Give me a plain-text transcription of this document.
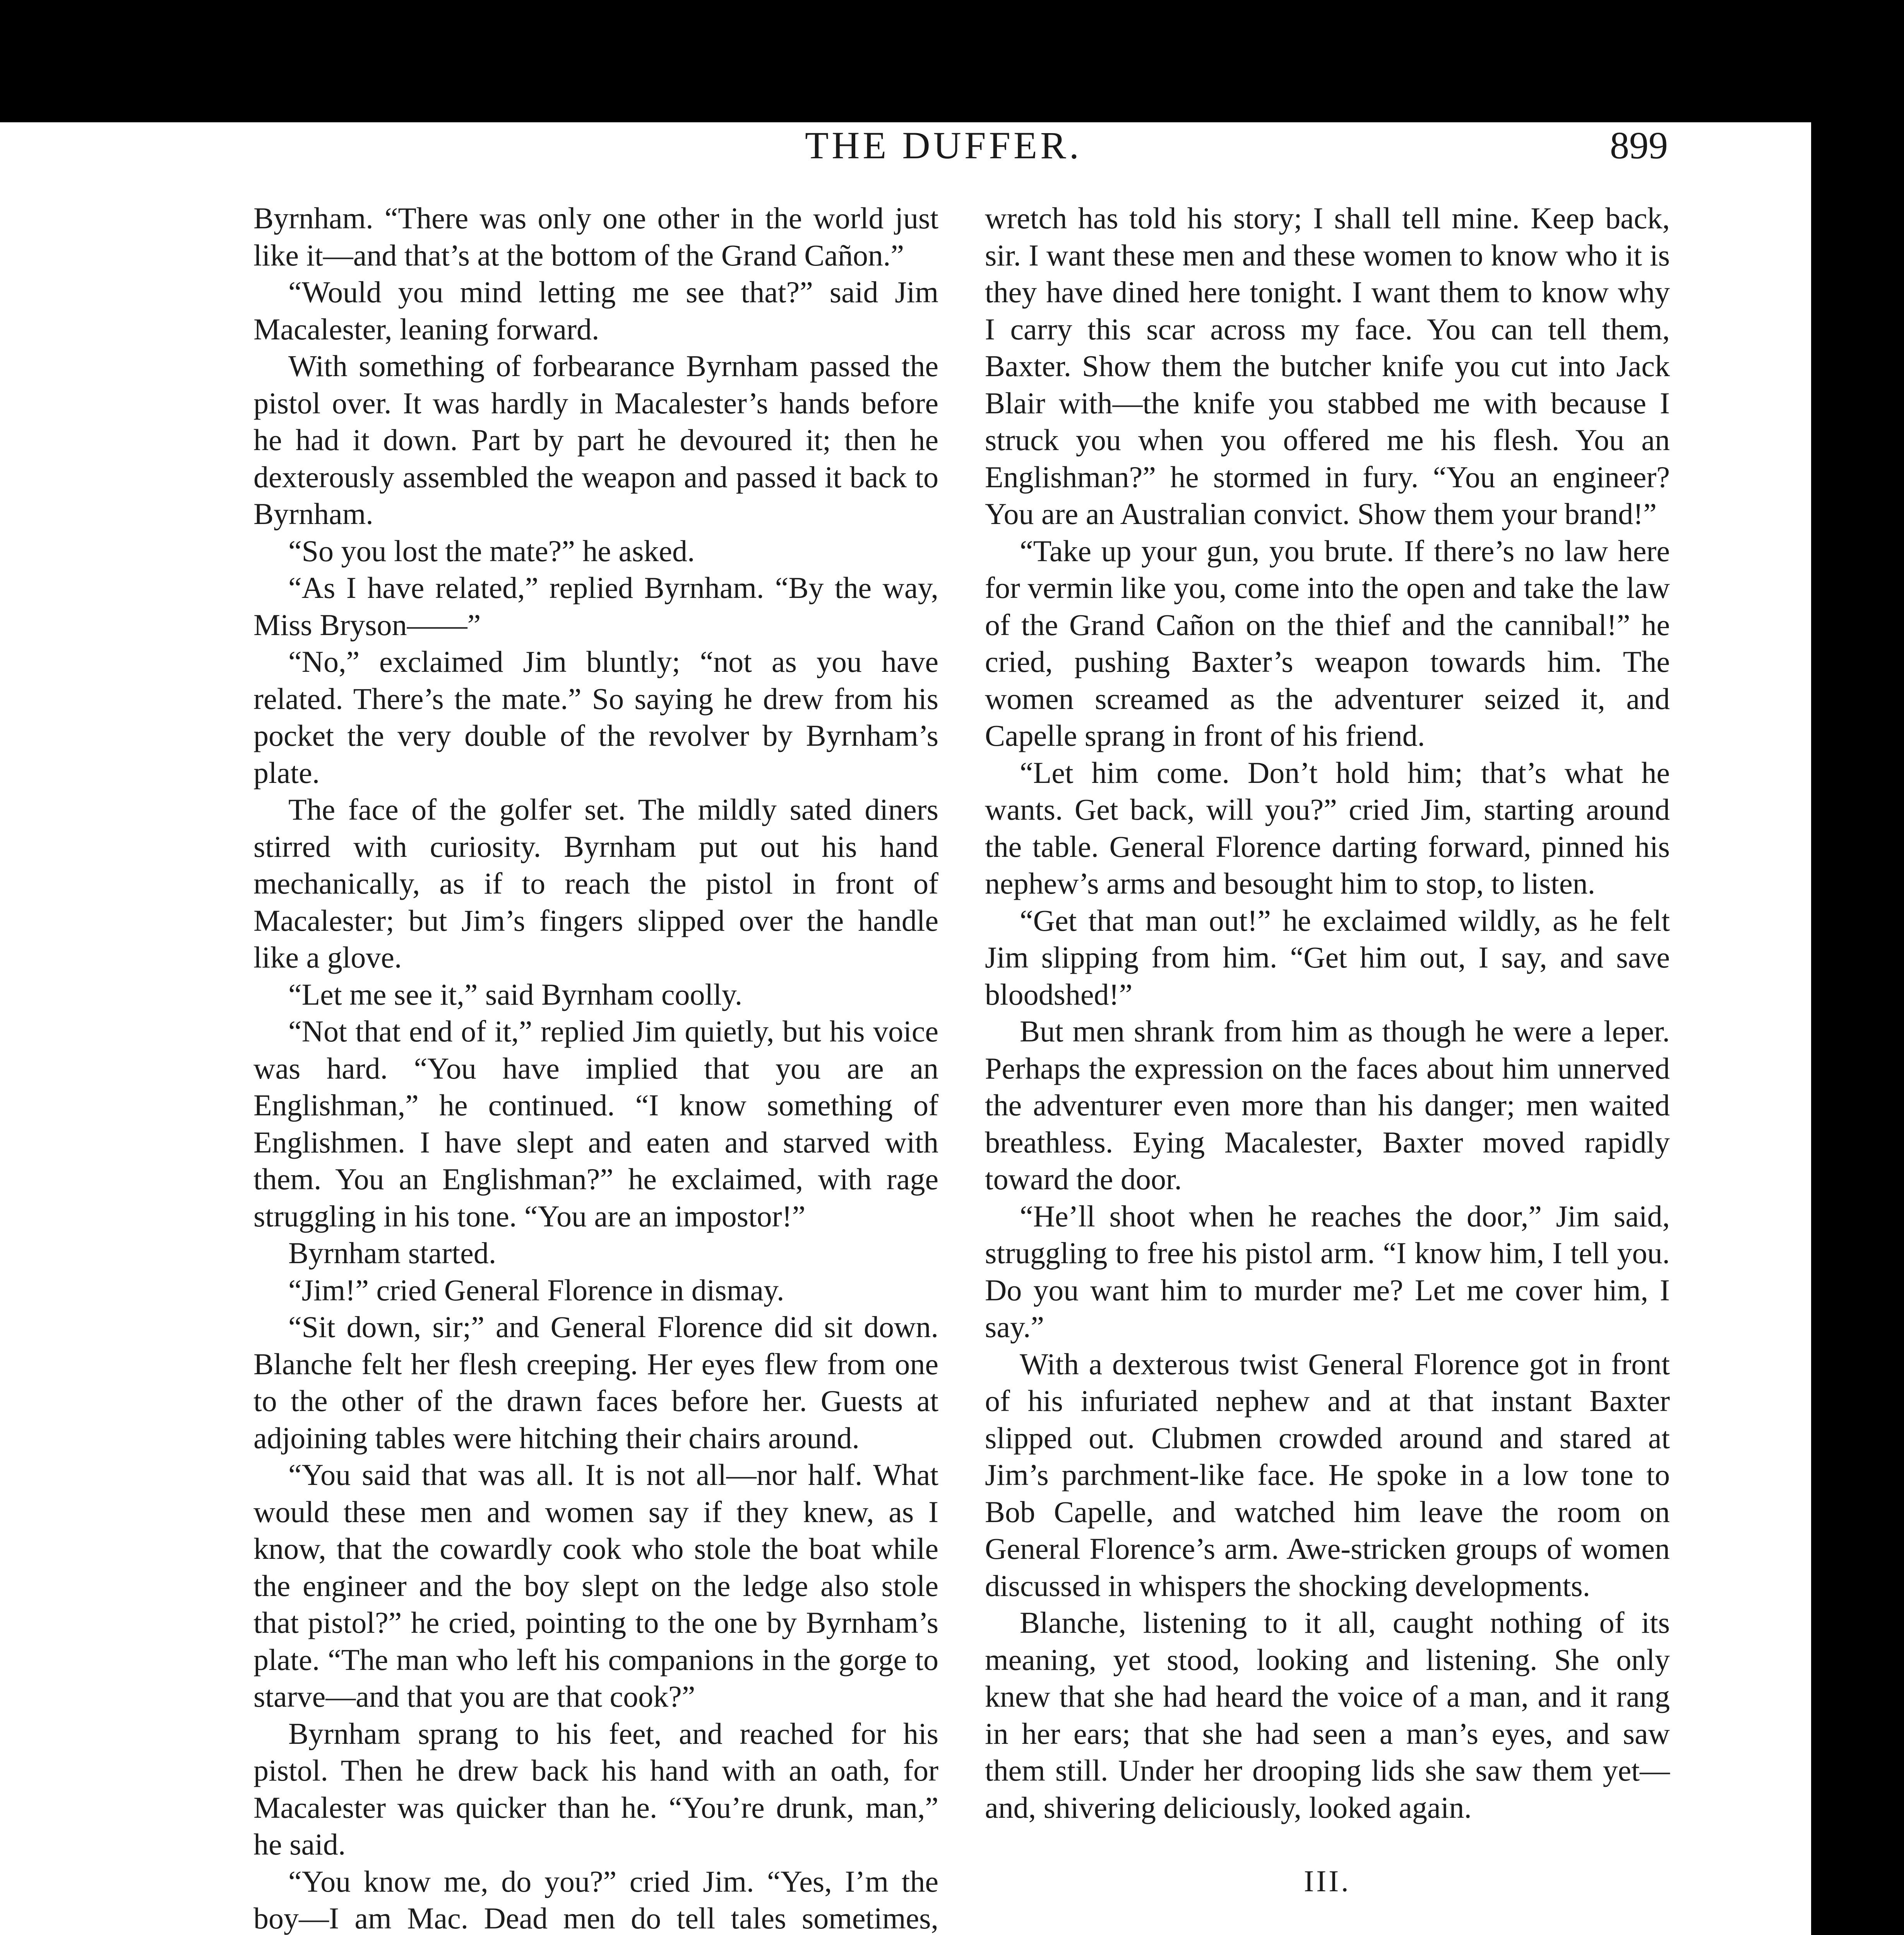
THE DUFFER.	899

Byrnham. “There was only one other in the world just like it—and that’s at the bottom of the Grand Cañon.”

“Would you mind letting me see that?” said Jim Macalester, leaning forward.

With something of forbearance Byrnham passed the pistol over. It was hardly in Macalester’s hands before he had it down. Part by part he devoured it; then he dexterously assembled the weapon and passed it back to Byrnham.

“So you lost the mate?” he asked.

“As I have related,” replied Byrnham. “By the way, Miss Bryson——”

“No,” exclaimed Jim bluntly; “not as you have related. There’s the mate.” So saying he drew from his pocket the very double of the revolver by Byrnham’s plate.

The face of the golfer set. The mildly sated diners stirred with curiosity. Byrnham put out his hand mechanically, as if to reach the pistol in front of Macalester; but Jim’s fingers slipped over the handle like a glove.

“Let me see it,” said Byrnham coolly.

“Not that end of it,” replied Jim quietly, but his voice was hard. “You have implied that you are an Englishman,” he continued. “I know something of Englishmen. I have slept and eaten and starved with them. You an Englishman?” he exclaimed, with rage struggling in his tone. “You are an impostor!”

Byrnham started.

“Jim!” cried General Florence in dismay.

“Sit down, sir;” and General Florence did sit down. Blanche felt her flesh creeping. Her eyes flew from one to the other of the drawn faces before her. Guests at adjoining tables were hitching their chairs around.

“You said that was all. It is not all—nor half. What would these men and women say if they knew, as I know, that the cowardly cook who stole the boat while the engineer and the boy slept on the ledge also stole that pistol?” he cried, pointing to the one by Byrnham’s plate. “The man who left his companions in the gorge to starve—and that you are that cook?”

Byrnham sprang to his feet, and reached for his pistol. Then he drew back his hand with an oath, for Macalester was quicker than he. “You’re drunk, man,” he said.

“You know me, do you?” cried Jim. “Yes, I’m the boy—I am Mac. Dead men do tell tales sometimes,

wretch has told his story; I shall tell mine. Keep back, sir. I want these men and these women to know who it is they have dined here tonight. I want them to know why I carry this scar across my face. You can tell them, Baxter. Show them the butcher knife you cut into Jack Blair with—the knife you stabbed me with because I struck you when you offered me his flesh. You an Englishman?” he stormed in fury. “You an engineer? You are an Australian convict. Show them your brand!”

“Take up your gun, you brute. If there’s no law here for vermin like you, come into the open and take the law of the Grand Cañon on the thief and the cannibal!” he cried, pushing Baxter’s weapon towards him. The women screamed as the adventurer seized it, and Capelle sprang in front of his friend.

“Let him come. Don’t hold him; that’s what he wants. Get back, will you?” cried Jim, starting around the table. General Florence darting forward, pinned his nephew’s arms and besought him to stop, to listen.

“Get that man out!” he exclaimed wildly, as he felt Jim slipping from him. “Get him out, I say, and save bloodshed!”

But men shrank from him as though he were a leper. Perhaps the expression on the faces about him unnerved the adventurer even more than his danger; men waited breathless. Eying Macalester, Baxter moved rapidly toward the door.

“He’ll shoot when he reaches the door,” Jim said, struggling to free his pistol arm. “I know him, I tell you. Do you want him to murder me? Let me cover him, I say.”

With a dexterous twist General Florence got in front of his infuriated nephew and at that instant Baxter slipped out. Clubmen crowded around and stared at Jim’s parchment-like face. He spoke in a low tone to Bob Capelle, and watched him leave the room on General Florence’s arm. Awe-stricken groups of women discussed in whispers the shocking developments.

Blanche, listening to it all, caught nothing of its meaning, yet stood, looking and listening. She only knew that she had heard the voice of a man, and it rang in her ears; that she had seen a man’s eyes, and saw them still. Under her drooping lids she saw them yet—and, shivering deliciously, looked again.

III.
